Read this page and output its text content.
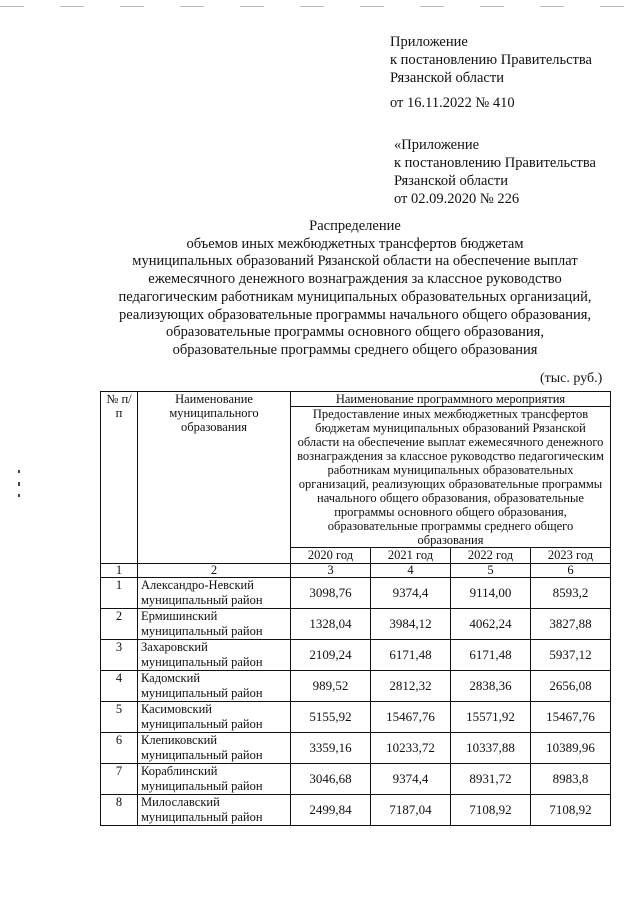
Приложение
к постановлению Правительства
Рязанской области
от 16.11.2022 № 410
«Приложение
к постановлению Правительства
Рязанской области
от 02.09.2020 № 226
Распределение
объемов иных межбюджетных трансфертов бюджетам
муниципальных образований Рязанской области на обеспечение выплат
ежемесячного денежного вознаграждения за классное руководство
педагогическим работникам муниципальных образовательных организаций,
реализующих образовательные программы начального общего образования,
образовательные программы основного общего образования,
образовательные программы среднего общего образования
(тыс. руб.)
№ п/п	Наименование муниципального образования	Наименование программного мероприятия			
		Предоставление иных межбюджетных трансфертов бюджетам муниципальных образований Рязанской области на обеспечение выплат ежемесячного денежного вознаграждения за классное руководство педагогическим работникам муниципальных образовательных организаций, реализующих образовательные программы начального общего образования, образовательные программы основного общего образования, образовательные программы среднего общего образования			
		2020 год	2021 год	2022 год	2023 год
1	2	3	4	5	6
1	Александро-Невский муниципальный район	3098,76	9374,4	9114,00	8593,2
2	Ермишинский муниципальный район	1328,04	3984,12	4062,24	3827,88
3	Захаровский муниципальный район	2109,24	6171,48	6171,48	5937,12
4	Кадомский муниципальный район	989,52	2812,32	2838,36	2656,08
5	Касимовский муниципальный район	5155,92	15467,76	15571,92	15467,76
6	Клепиковский муниципальный район	3359,16	10233,72	10337,88	10389,96
7	Кораблинский муниципальный район	3046,68	9374,4	8931,72	8983,8
8	Милославский муниципальный район	2499,84	7187,04	7108,92	7108,92
